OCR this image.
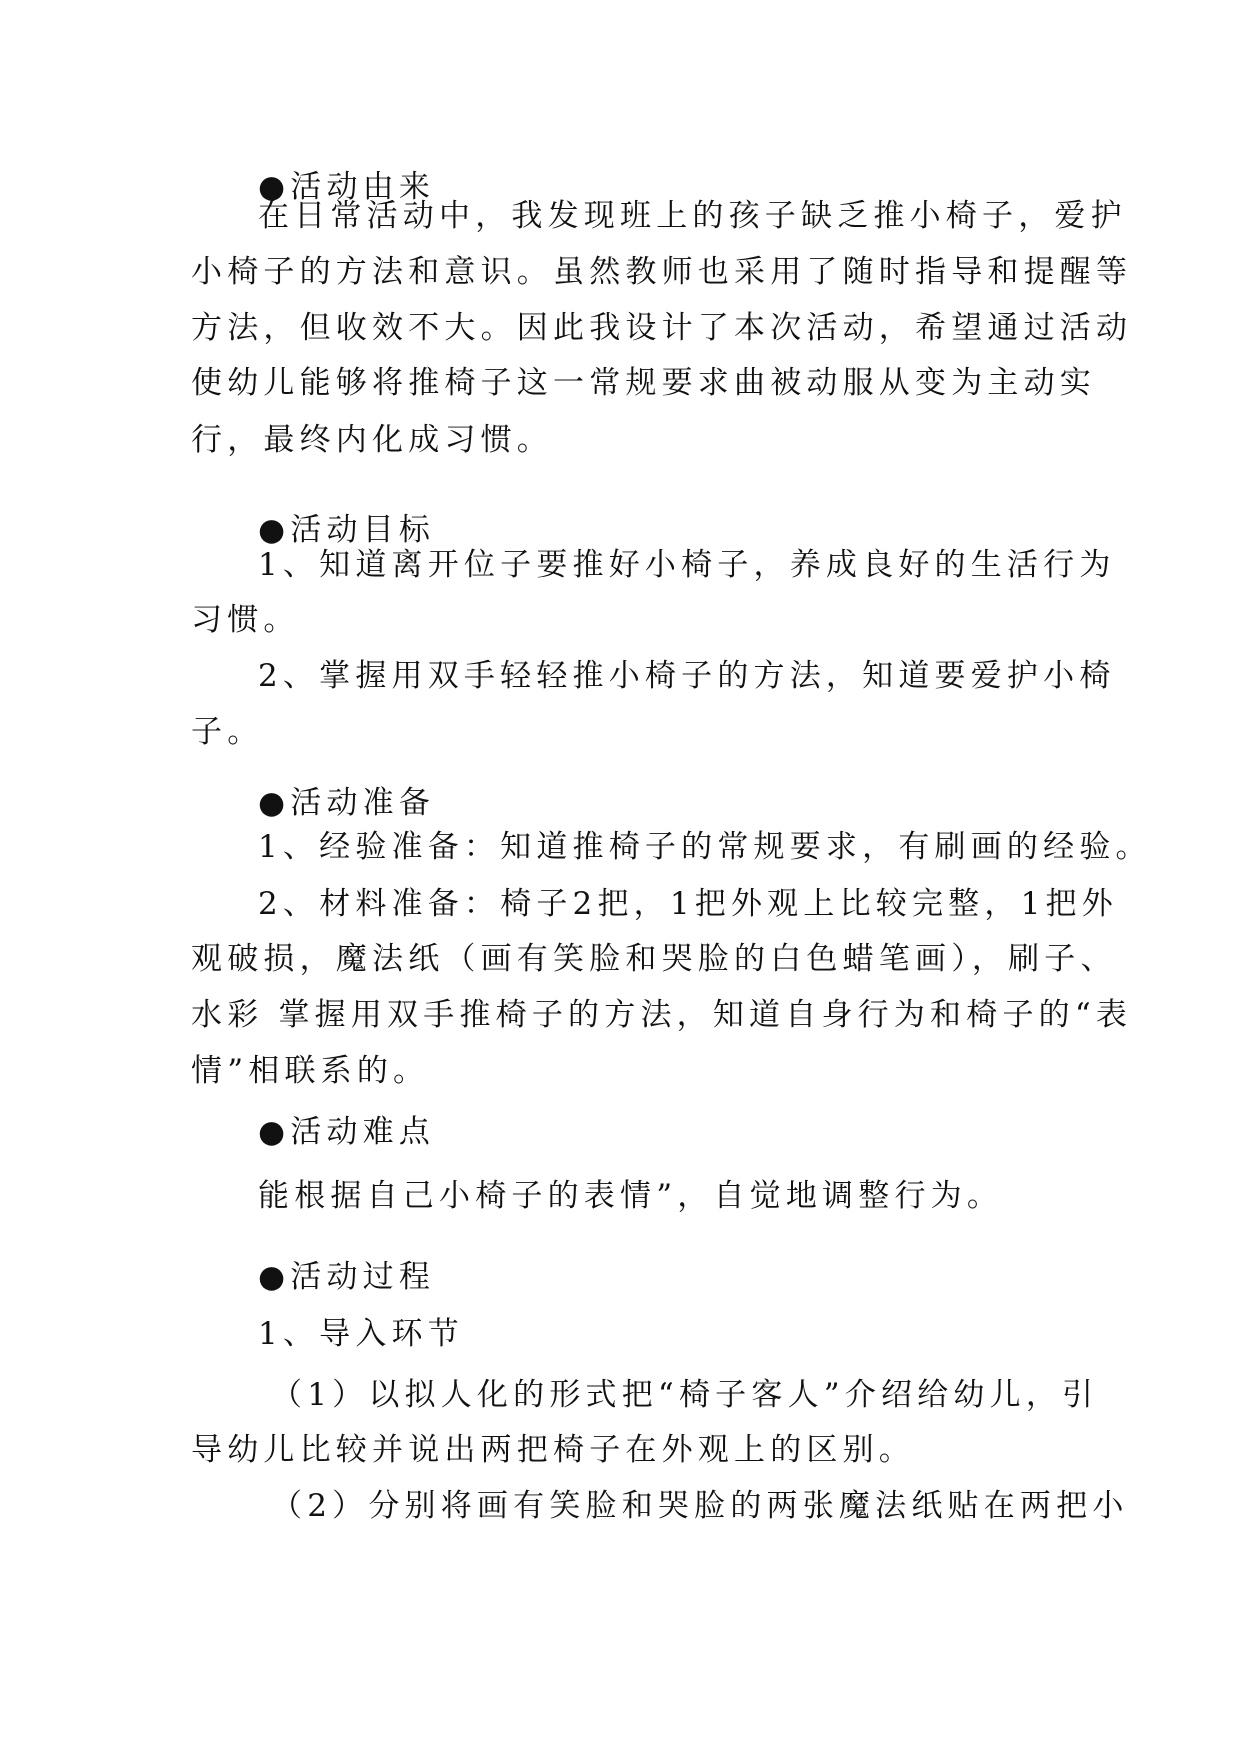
●活动由来
在日常活动中，我发现班上的孩子缺乏推小椅子，爱护
小椅子的方法和意识。虽然教师也采用了随时指导和提醒等
方法，但收效不大。因此我设计了本次活动，希望通过活动
使幼儿能够将推椅子这一常规要求曲被动服从变为主动实
行，最终内化成习惯。
●活动目标
1、知道离开位子要推好小椅子，养成良好的生活行为
习惯。
2、掌握用双手轻轻推小椅子的方法，知道要爱护小椅
子。
●活动准备
1、经验准备：知道推椅子的常规要求，有刷画的经验。
2、材料准备：椅子2把，1把外观上比较完整，1把外
观破损，魔法纸（画有笑脸和哭脸的白色蜡笔画），刷子、
水彩 掌握用双手推椅子的方法，知道自身行为和椅子的“表
情”相联系的。
●活动难点
能根据自己小椅子的表情”，自觉地调整行为。
●活动过程
1、导入环节
（1）以拟人化的形式把“椅子客人”介绍给幼儿，引
导幼儿比较并说出两把椅子在外观上的区别。
（2）分别将画有笑脸和哭脸的两张魔法纸贴在两把小
